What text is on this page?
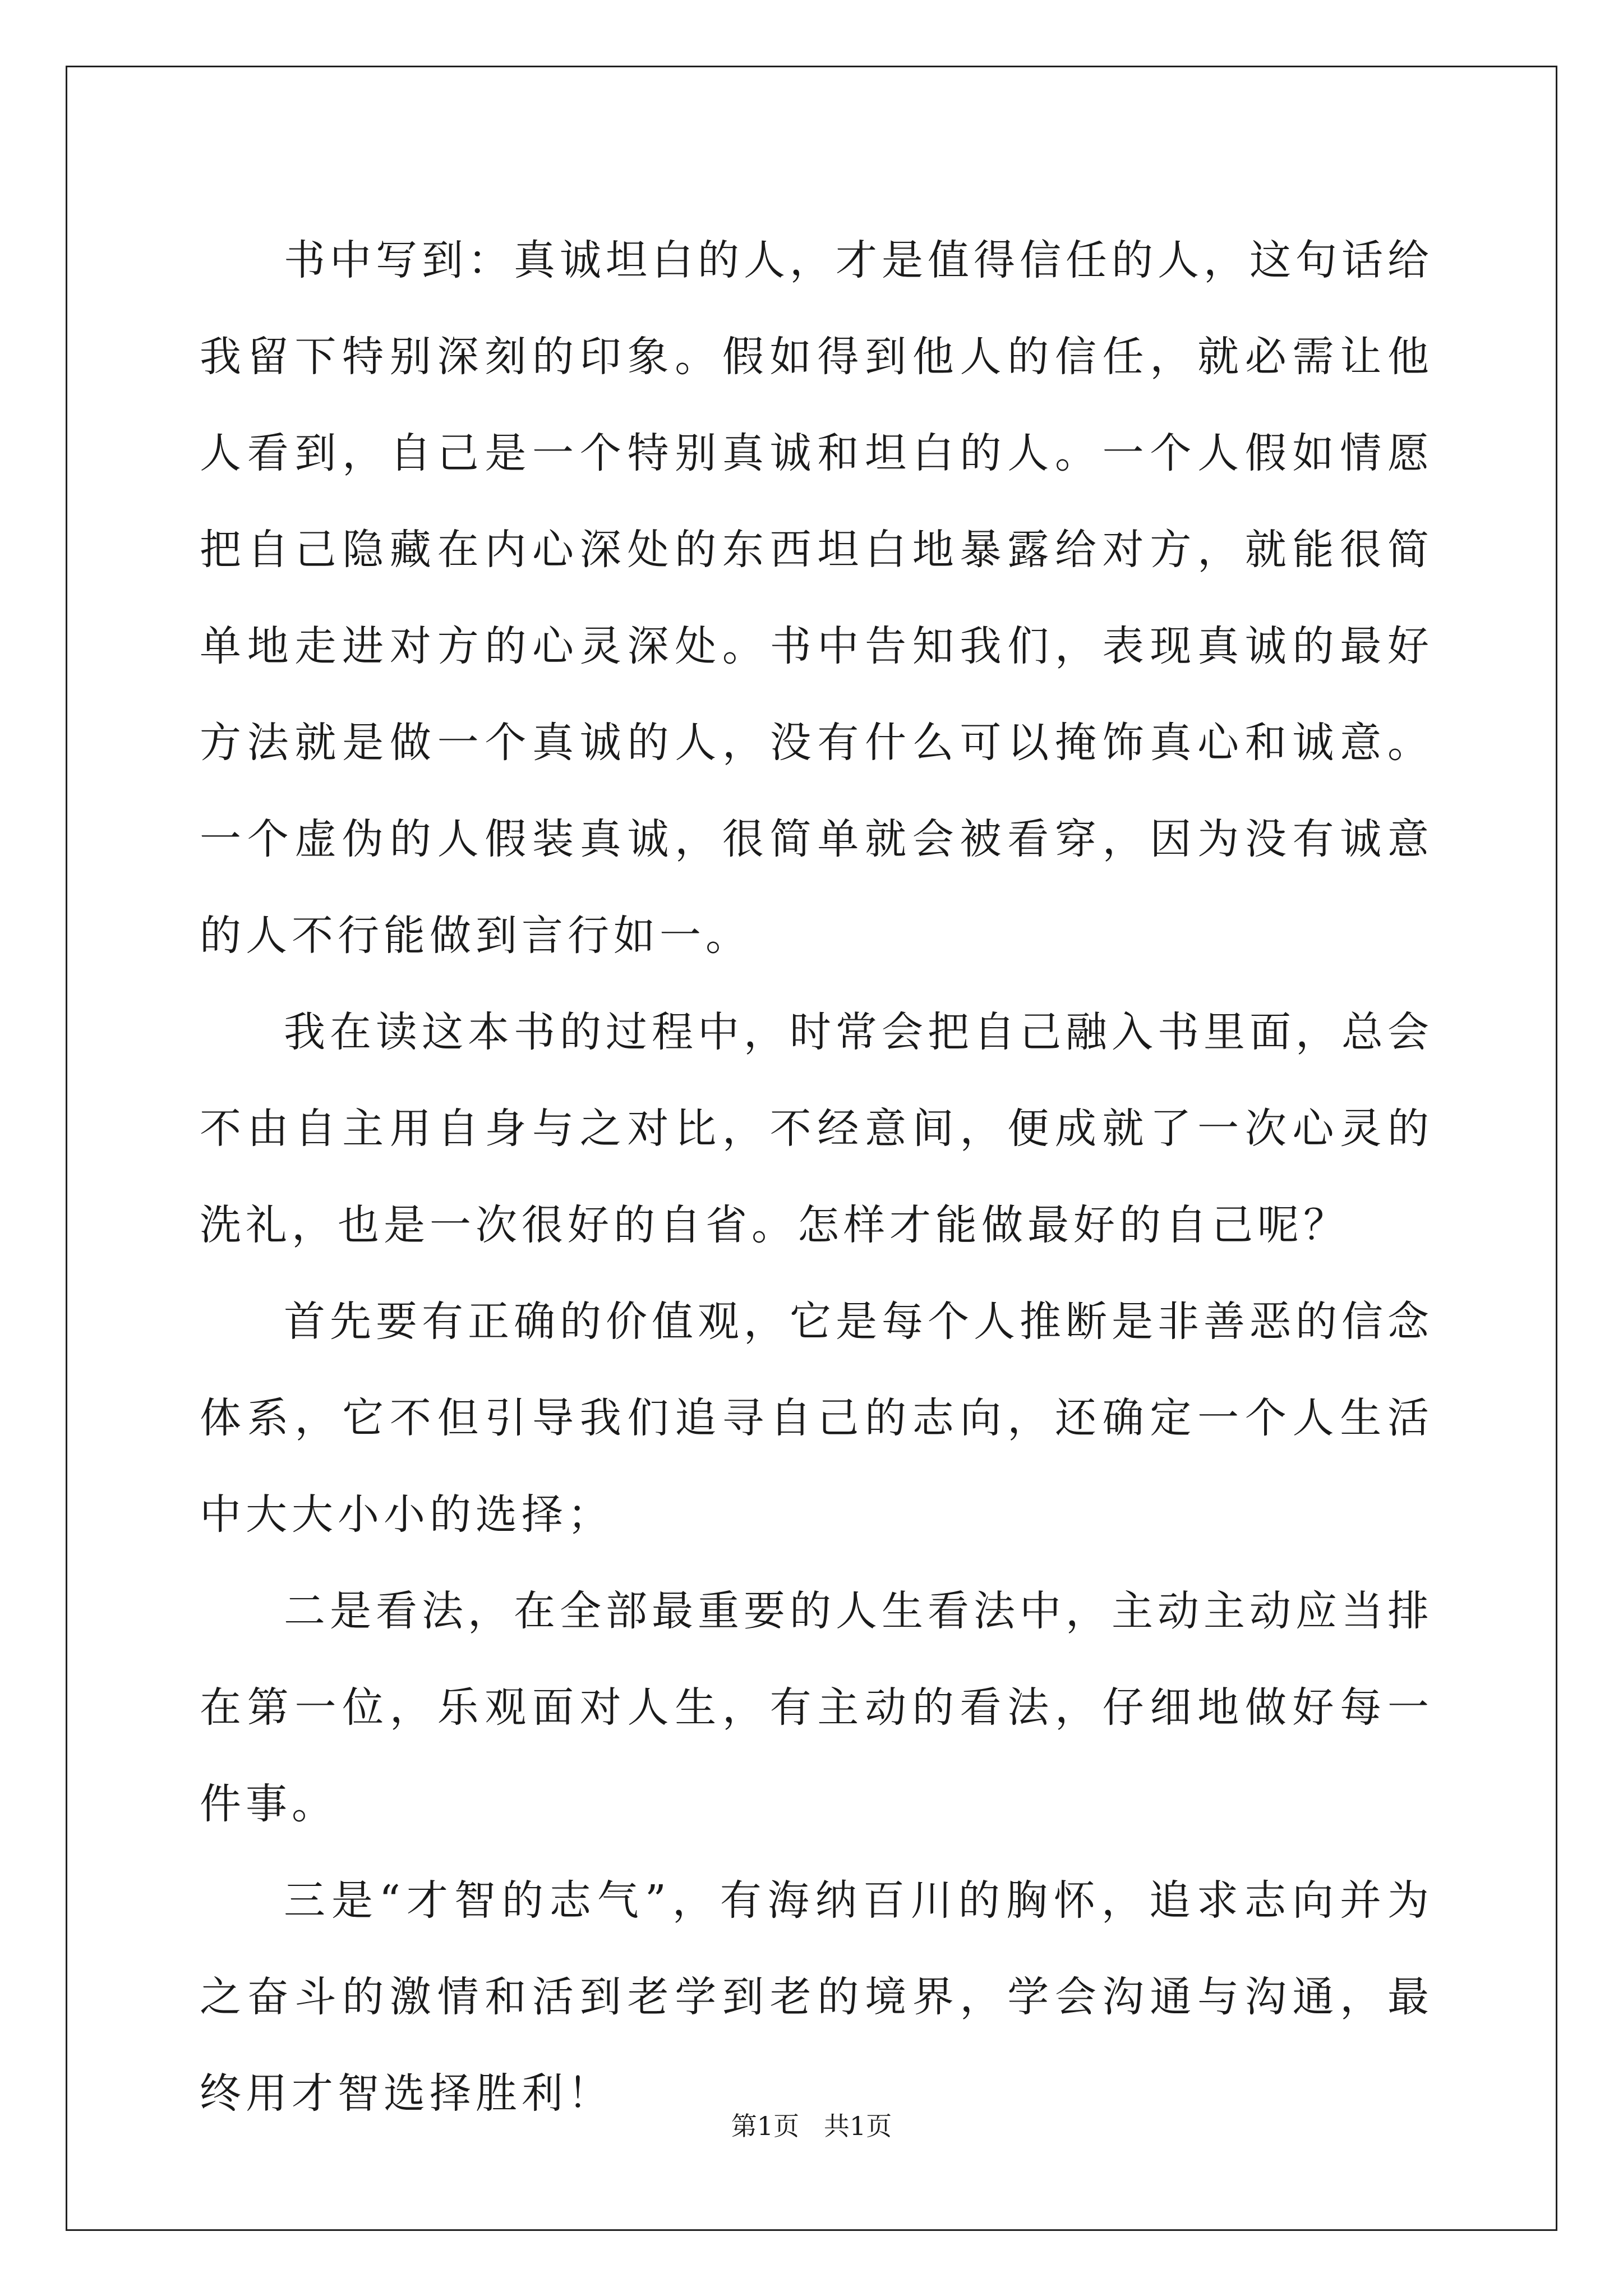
书中写到：真诚坦白的人，才是值得信任的人，这句话给我留下特别深刻的印象。假如得到他人的信任，就必需让他人看到，自己是一个特别真诚和坦白的人。一个人假如情愿把自己隐藏在内心深处的东西坦白地暴露给对方，就能很简单地走进对方的心灵深处。书中告知我们，表现真诚的最好方法就是做一个真诚的人，没有什么可以掩饰真心和诚意。一个虚伪的人假装真诚，很简单就会被看穿，因为没有诚意的人不行能做到言行如一。

我在读这本书的过程中，时常会把自己融入书里面，总会不由自主用自身与之对比，不经意间，便成就了一次心灵的洗礼，也是一次很好的自省。怎样才能做最好的自己呢？

首先要有正确的价值观，它是每个人推断是非善恶的信念体系，它不但引导我们追寻自己的志向，还确定一个人生活中大大小小的选择；

二是看法，在全部最重要的人生看法中，主动主动应当排在第一位，乐观面对人生，有主动的看法，仔细地做好每一件事。

三是“才智的志气”，有海纳百川的胸怀，追求志向并为之奋斗的激情和活到老学到老的境界，学会沟通与沟通，最终用才智选择胜利！

第1页   共1页
